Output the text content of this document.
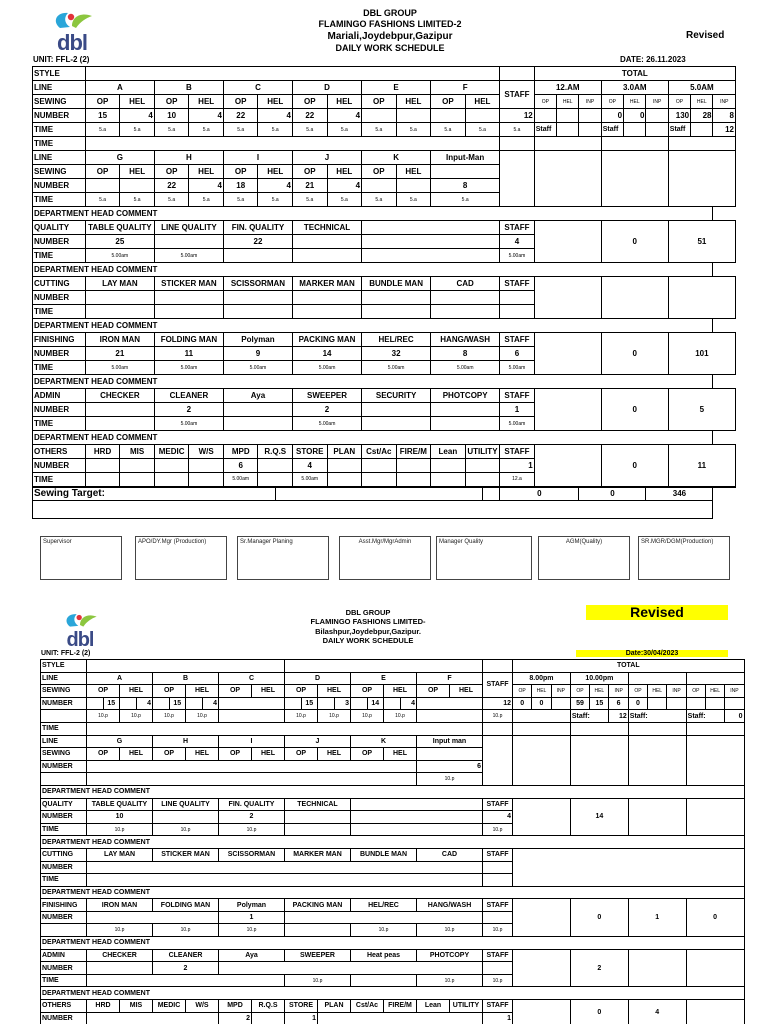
dbl
DBL GROUP
FLAMINGO FASHIONS LIMITED-2
Mariali,Joydebpur,Gazipur
DAILY WORK SCHEDULE
Revised
UNIT: FFL-2 (2)	DATE: 26.11.2023
STYLE																TOTAL								
LINE	A		B		C			D		E		F			STAFF	12.AM			3.0AM			5.0AM		
SEWING	OP	HEL	OP	HEL	OP	HEL		OP	HEL	OP	HEL	OP	HEL			OP	HEL	INP	OP	HEL	INP	OP	HEL	INP
NUMBER	15	4	10	4	22	4		22	4						12				0	0		130	28	8
TIME	5.a	5.a	5.a	5.a	5.a	5.a		5.a	5.a	5.a	5.a	5.a	5.a		5.a	Staff			Staff			Staff		12
TIME																								
LINE	G		H		I			J		K		Input-Man												
SEWING	OP	HEL	OP	HEL	OP	HEL		OP	HEL	OP	HEL													
NUMBER			22	4	18	4		21	4			8												
TIME	5.a	5.a	5.a	5.a	5.a	5.a		5.a	5.a	5.a	5.a	5.a												
DEPARTMENT HEAD COMMENT																								
QUALITY	TABLE QUALITY		LINE QUALITY		FIN. QUALITY			TECHNICAL							STAFF				0			51		
NUMBER	25				22										4									
TIME	5.00am		5.00am												5.00am									
DEPARTMENT HEAD COMMENT																								
CUTTING	LAY MAN		STICKER MAN		SCISSORMAN			MARKER MAN		BUNDLE MAN		CAD			STAFF									
NUMBER																								
TIME																								
DEPARTMENT HEAD COMMENT																								
FINISHING	IRON MAN		FOLDING MAN		Polyman			PACKING MAN		HEL/REC		HANG/WASH			STAFF				0			101		
NUMBER	21		11		9			14		32		8			6									
TIME	5.00am		5.00am		5.00am			5.00am		5.00am		5.00am			5.00am									
DEPARTMENT HEAD COMMENT																								
ADMIN	CHECKER		CLEANER		Aya			SWEEPER		SECURITY		PHOTCOPY			STAFF				0			5		
NUMBER			2					2							1									
TIME			5.00am					5.00am							5.00am									
DEPARTMENT HEAD COMMENT																								
OTHERS	HRD	MIS	MEDIC	W/S	MPD	R.Q.S		STORE	PLAN	Cst/Ac	FIRE/M	Lean	UTILITY		STAFF				0			11		
NUMBER					6			4							1									
TIME					5.00am			5.00am							12.a									
Sewing Target:															0			0			346			

Supervisor	APO/DY.Mgr (Production)	Sr.Manager Planing	Asst.Mgr/MgrAdmin	Manager Quality	AGM(Quality)	SR.MGR/DGM(Production)
dbl
DBL GROUP
FLAMINGO FASHIONS LIMITED-
Bilashpur,Joydebpur,Gazipur.
DAILY WORK SCHEDULE
Revised
UNIT: FFL-2 (2)	Date:30/04/2023
STYLE																						TOTAL											
LINE	A				B				C		D				E				F		STAFF	8.00pm			10.00pm								
SEWING	OP		HEL		OP		HEL		OP	HEL	OP		HEL		OP		HEL		OP	HEL		OP	HEL	INP	OP	HEL	INP	OP	HEL	INP	OP	HEL	INP
NUMBER		15		4		15		4				15		3		14		4			12	0	0		59	15	6	0					
	10.p		10.p		10.p		10.p				10.p		10.p		10.p		10.p				10.p				Staff:		12	Staff:			Staff:		0
TIME																																	
LINE	G				H				I		J				K				Input man														
SEWING	OP		HEL		OP		HEL		OP	HEL	OP		HEL		OP		HEL																
NUMBER																			6														
																			10.p														
DEPARTMENT HEAD COMMENT																																	
QUALITY	TABLE QUALITY				LINE QUALITY				FIN. QUALITY		TECHNICAL										STAFF				14								
NUMBER	10								2												4												
TIME	10.p				10.p				10.p												10.p												
DEPARTMENT HEAD COMMENT																																	
CUTTING	LAY MAN				STICKER MAN				SCISSORMAN		MARKER MAN				BUNDLE MAN				CAD		STAFF												
NUMBER																																	
TIME																																	
DEPARTMENT HEAD COMMENT																																	
FINISHING	IRON MAN				FOLDING MAN				Polyman		PACKING MAN				HEL/REC				HANG/WASH		STAFF				0			1			0		
NUMBER									1																								
	10.p				10.p				10.p						10.p				10.p		10.p												
DEPARTMENT HEAD COMMENT																																	
ADMIN	CHECKER				CLEANER				Aya		SWEEPER				Heat peas				PHOTCOPY		STAFF				2								
NUMBER					2																												
TIME											10.p								10.p		10.p												
DEPARTMENT HEAD COMMENT																																	
OTHERS	HRD		MIS		MEDIC		W/S		MPD	R.Q.S	STORE		PLAN		Cst/Ac		FIRE/M		Lean	UTILITY	STAFF				0			4					
NUMBER									2		1										1												
